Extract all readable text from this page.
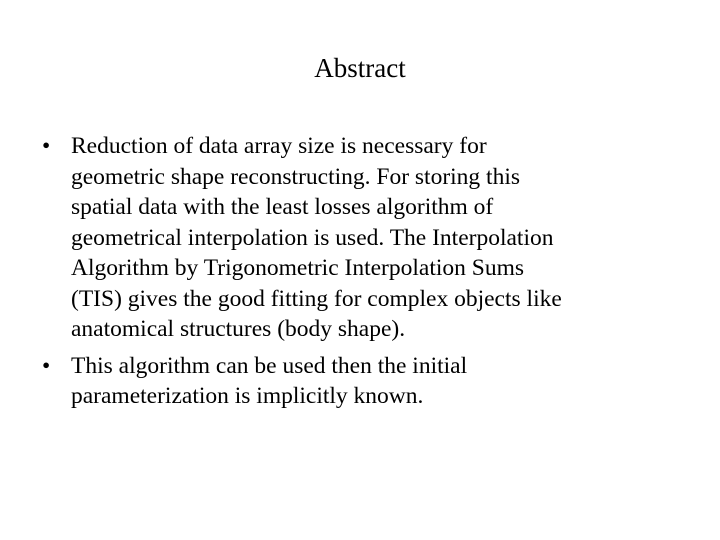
Abstract
• Reduction of data array size is necessary for
geometric shape reconstructing. For storing this
spatial data with the least losses algorithm of
geometrical interpolation is used. The Interpolation
Algorithm by Trigonometric Interpolation Sums
(TIS) gives the good fitting for complex objects like
anatomical structures (body shape).
• This algorithm can be used then the initial
parameterization is implicitly known.
